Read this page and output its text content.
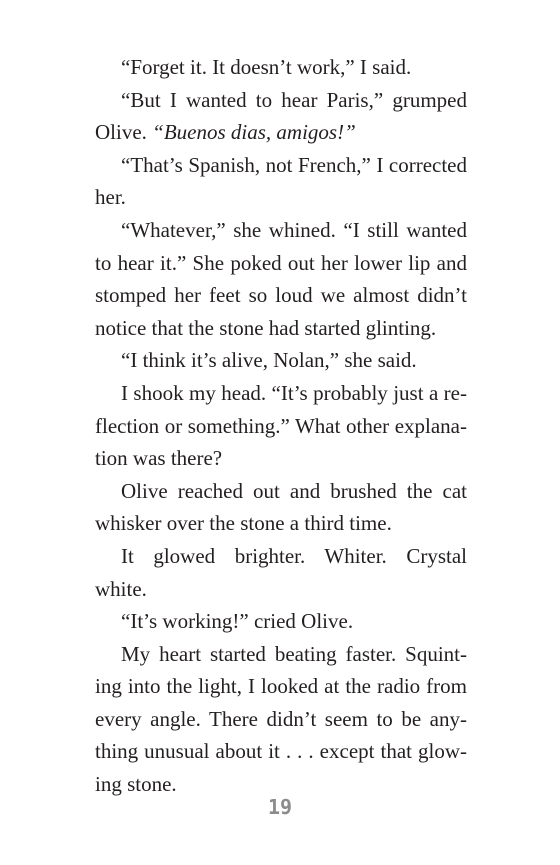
“Forget it. It doesn’t work,” I said.

“But I wanted to hear Paris,” grumped Olive. “Buenos dias, amigos!”

“That’s Spanish, not French,” I corrected her.

“Whatever,” she whined. “I still wanted to hear it.” She poked out her lower lip and stomped her feet so loud we almost didn’t notice that the stone had started glinting.

“I think it’s alive, Nolan,” she said.

I shook my head. “It’s probably just a re-flection or something.” What other explana-tion was there?

Olive reached out and brushed the cat whisker over the stone a third time.

It glowed brighter. Whiter. Crystal white.

“It’s working!” cried Olive.

My heart started beating faster. Squint-ing into the light, I looked at the radio from every angle. There didn’t seem to be any-thing unusual about it . . . except that glow-ing stone.

19
